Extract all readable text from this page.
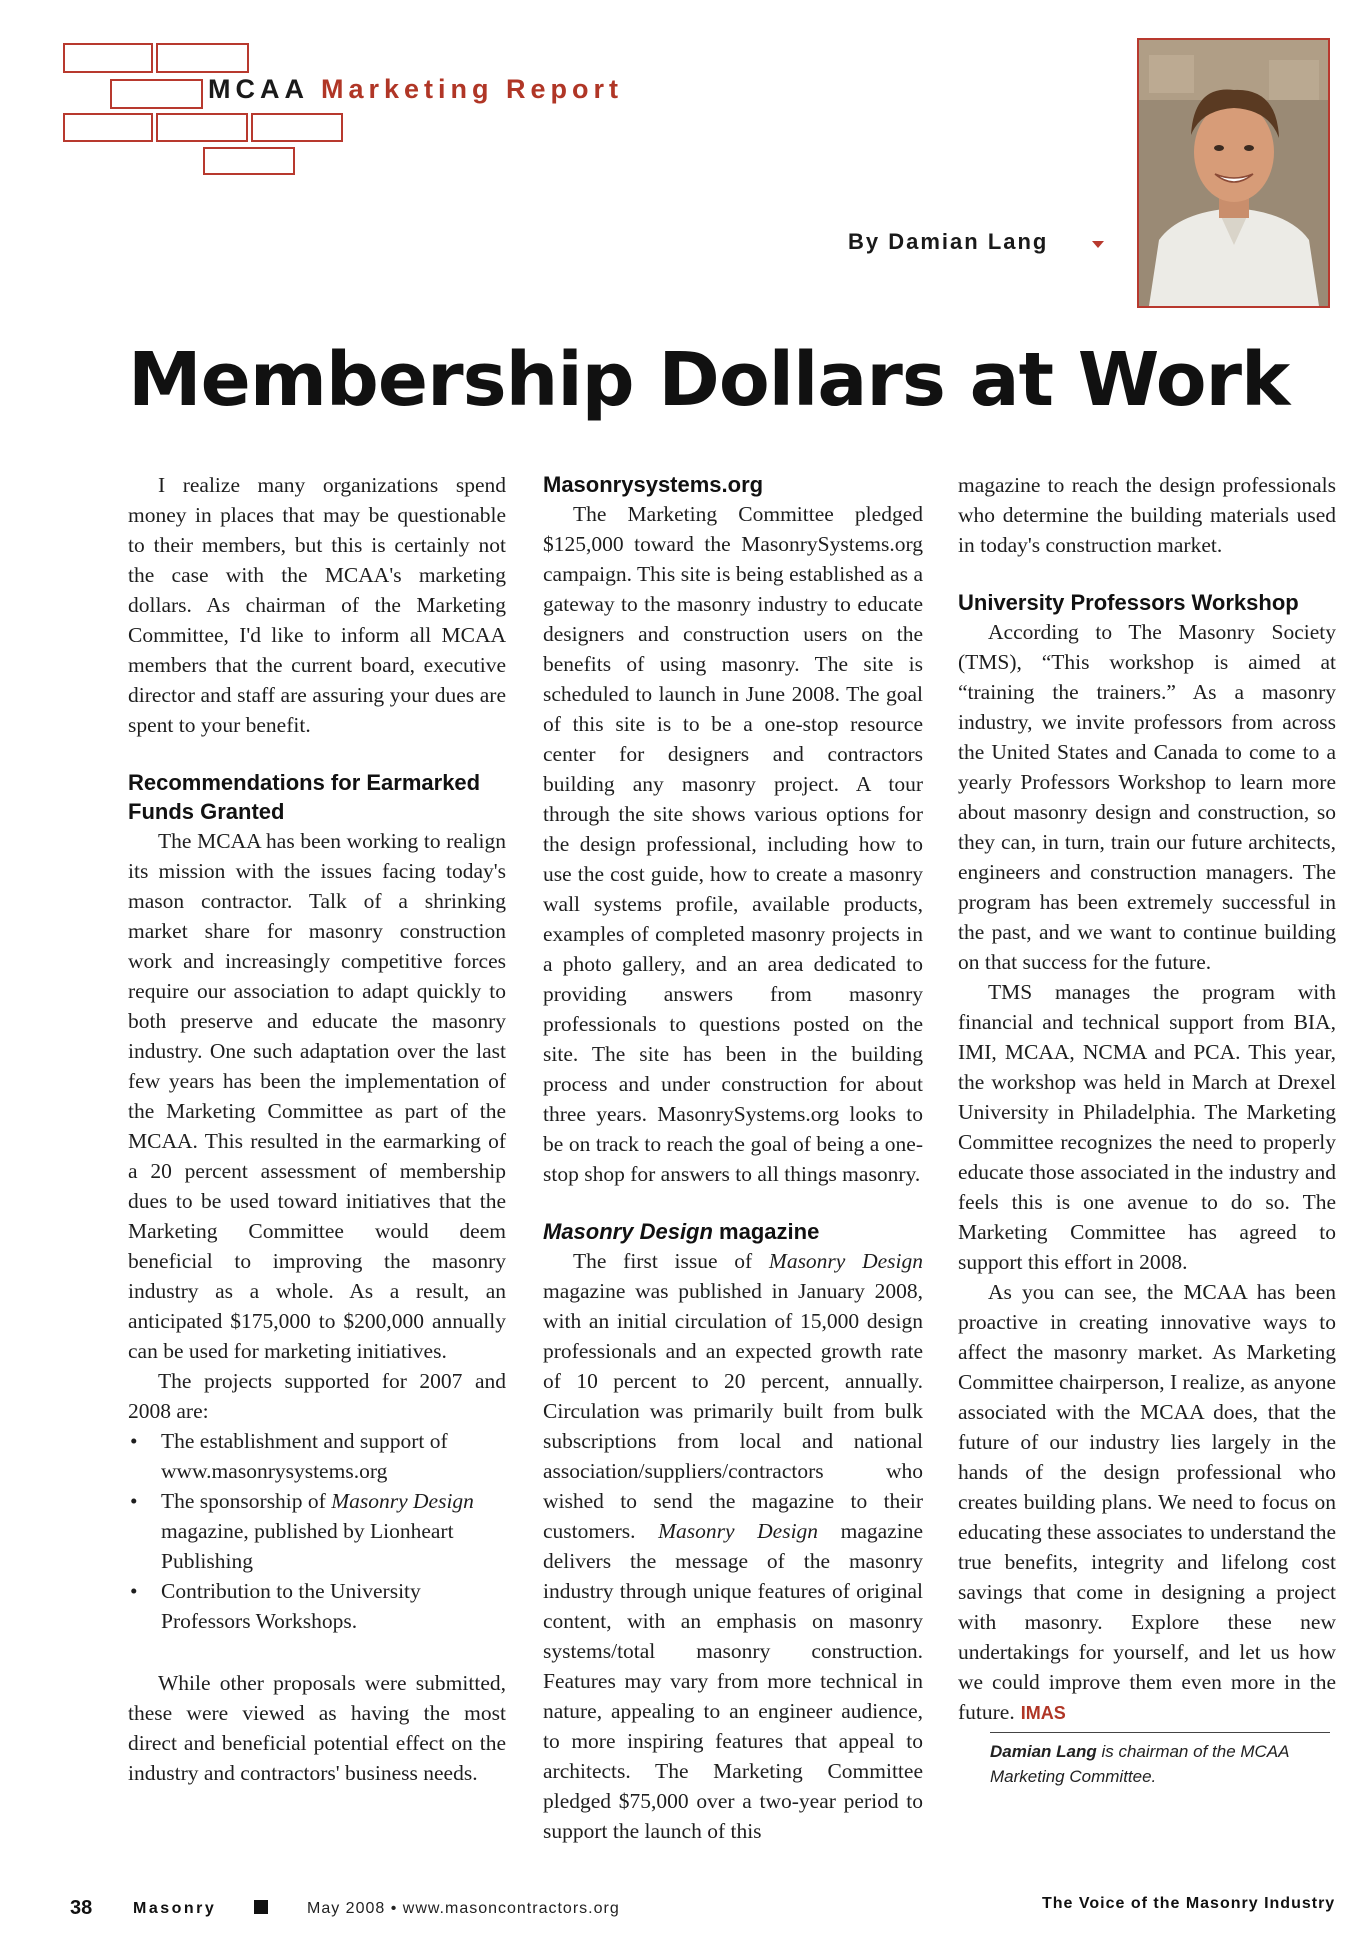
MCAA Marketing Report
By Damian Lang
Membership Dollars at Work

I realize many organizations spend money in places that may be questionable to their members, but this is certainly not the case with the MCAA's marketing dollars. As chairman of the Marketing Committee, I'd like to inform all MCAA members that the current board, executive director and staff are assuring your dues are spent to your benefit.

Recommendations for Earmarked Funds Granted

The MCAA has been working to realign its mission with the issues facing today's mason contractor. Talk of a shrinking market share for masonry construction work and increasingly competitive forces require our association to adapt quickly to both preserve and educate the masonry industry. One such adaptation over the last few years has been the implementation of the Marketing Committee as part of the MCAA. This resulted in the earmarking of a 20 percent assessment of membership dues to be used toward initiatives that the Marketing Committee would deem beneficial to improving the masonry industry as a whole. As a result, an anticipated $175,000 to $200,000 annually can be used for marketing initiatives.

The projects supported for 2007 and 2008 are:

• The establishment and support of www.masonrysystems.org
• The sponsorship of Masonry Design magazine, published by Lionheart Publishing
• Contribution to the University Professors Workshops.

While other proposals were submitted, these were viewed as having the most direct and beneficial potential effect on the industry and contractors' business needs.

Masonrysystems.org

The Marketing Committee pledged $125,000 toward the MasonrySystems.org campaign. This site is being established as a gateway to the masonry industry to educate designers and construction users on the benefits of using masonry. The site is scheduled to launch in June 2008. The goal of this site is to be a one-stop resource center for designers and contractors building any masonry project. A tour through the site shows various options for the design professional, including how to use the cost guide, how to create a masonry wall systems profile, available products, examples of completed masonry projects in a photo gallery, and an area dedicated to providing answers from masonry professionals to questions posted on the site. The site has been in the building process and under construction for about three years. MasonrySystems.org looks to be on track to reach the goal of being a one-stop shop for answers to all things masonry.

Masonry Design magazine

The first issue of Masonry Design magazine was published in January 2008, with an initial circulation of 15,000 design professionals and an expected growth rate of 10 percent to 20 percent, annually. Circulation was primarily built from bulk subscriptions from local and national association/suppliers/contractors who wished to send the magazine to their customers. Masonry Design magazine delivers the message of the masonry industry through unique features of original content, with an emphasis on masonry systems/total masonry construction. Features may vary from more technical in nature, appealing to an engineer audience, to more inspiring features that appeal to architects. The Marketing Committee pledged $75,000 over a two-year period to support the launch of this

magazine to reach the design professionals who determine the building materials used in today's construction market.

University Professors Workshop

According to The Masonry Society (TMS), “This workshop is aimed at “training the trainers.” As a masonry industry, we invite professors from across the United States and Canada to come to a yearly Professors Workshop to learn more about masonry design and construction, so they can, in turn, train our future architects, engineers and construction managers. The program has been extremely successful in the past, and we want to continue building on that success for the future.

TMS manages the program with financial and technical support from BIA, IMI, MCAA, NCMA and PCA. This year, the workshop was held in March at Drexel University in Philadelphia. The Marketing Committee recognizes the need to properly educate those associated in the industry and feels this is one avenue to do so. The Marketing Committee has agreed to support this effort in 2008.

As you can see, the MCAA has been proactive in creating innovative ways to affect the masonry market. As Marketing Committee chairperson, I realize, as anyone associated with the MCAA does, that the future of our industry lies largely in the hands of the design professional who creates building plans. We need to focus on educating these associates to understand the true benefits, integrity and lifelong cost savings that come in designing a project with masonry. Explore these new undertakings for yourself, and let us how we could improve them even more in the future. IMAS

Damian Lang is chairman of the MCAA Marketing Committee.
38	Masonry	May 2008 • www.masoncontractors.org	The Voice of the Masonry Industry
